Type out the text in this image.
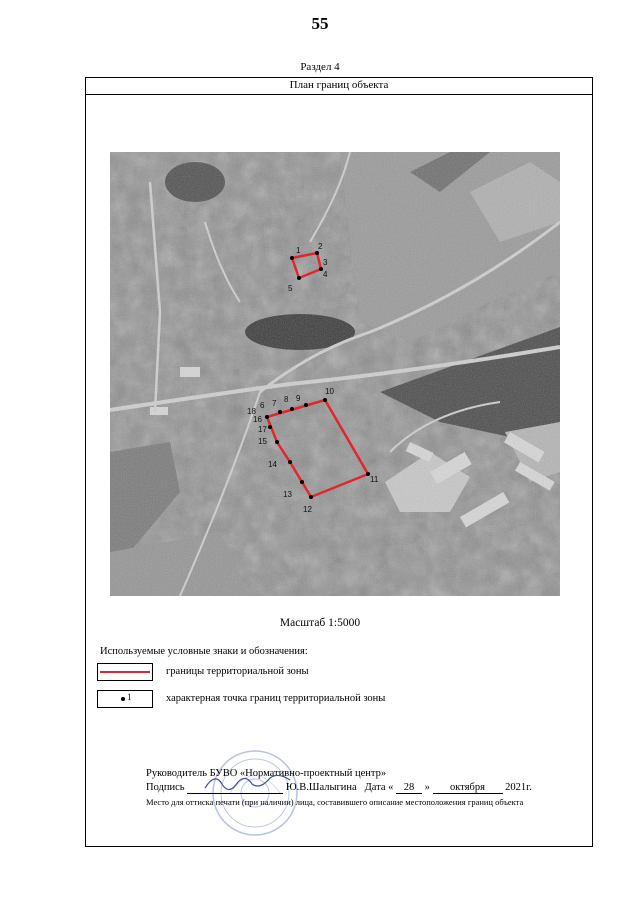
55
Раздел 4
План границ объекта
1 2
3
4
5
10
11
12
13
14
15
16
17
18
6 7 8 9
Масштаб 1:5000
Используемые условные знаки и обозначения:
границы территориальной зоны
1	характерная точка границ территориальной зоны
Руководитель БУВО «Нормативно-проектный центр»
Подпись	Ю.В.Шалыгина Дата « 28 » октября 2021г.
Место для оттиска печати (при наличии) лица, составившего описание местоположения границ объекта
